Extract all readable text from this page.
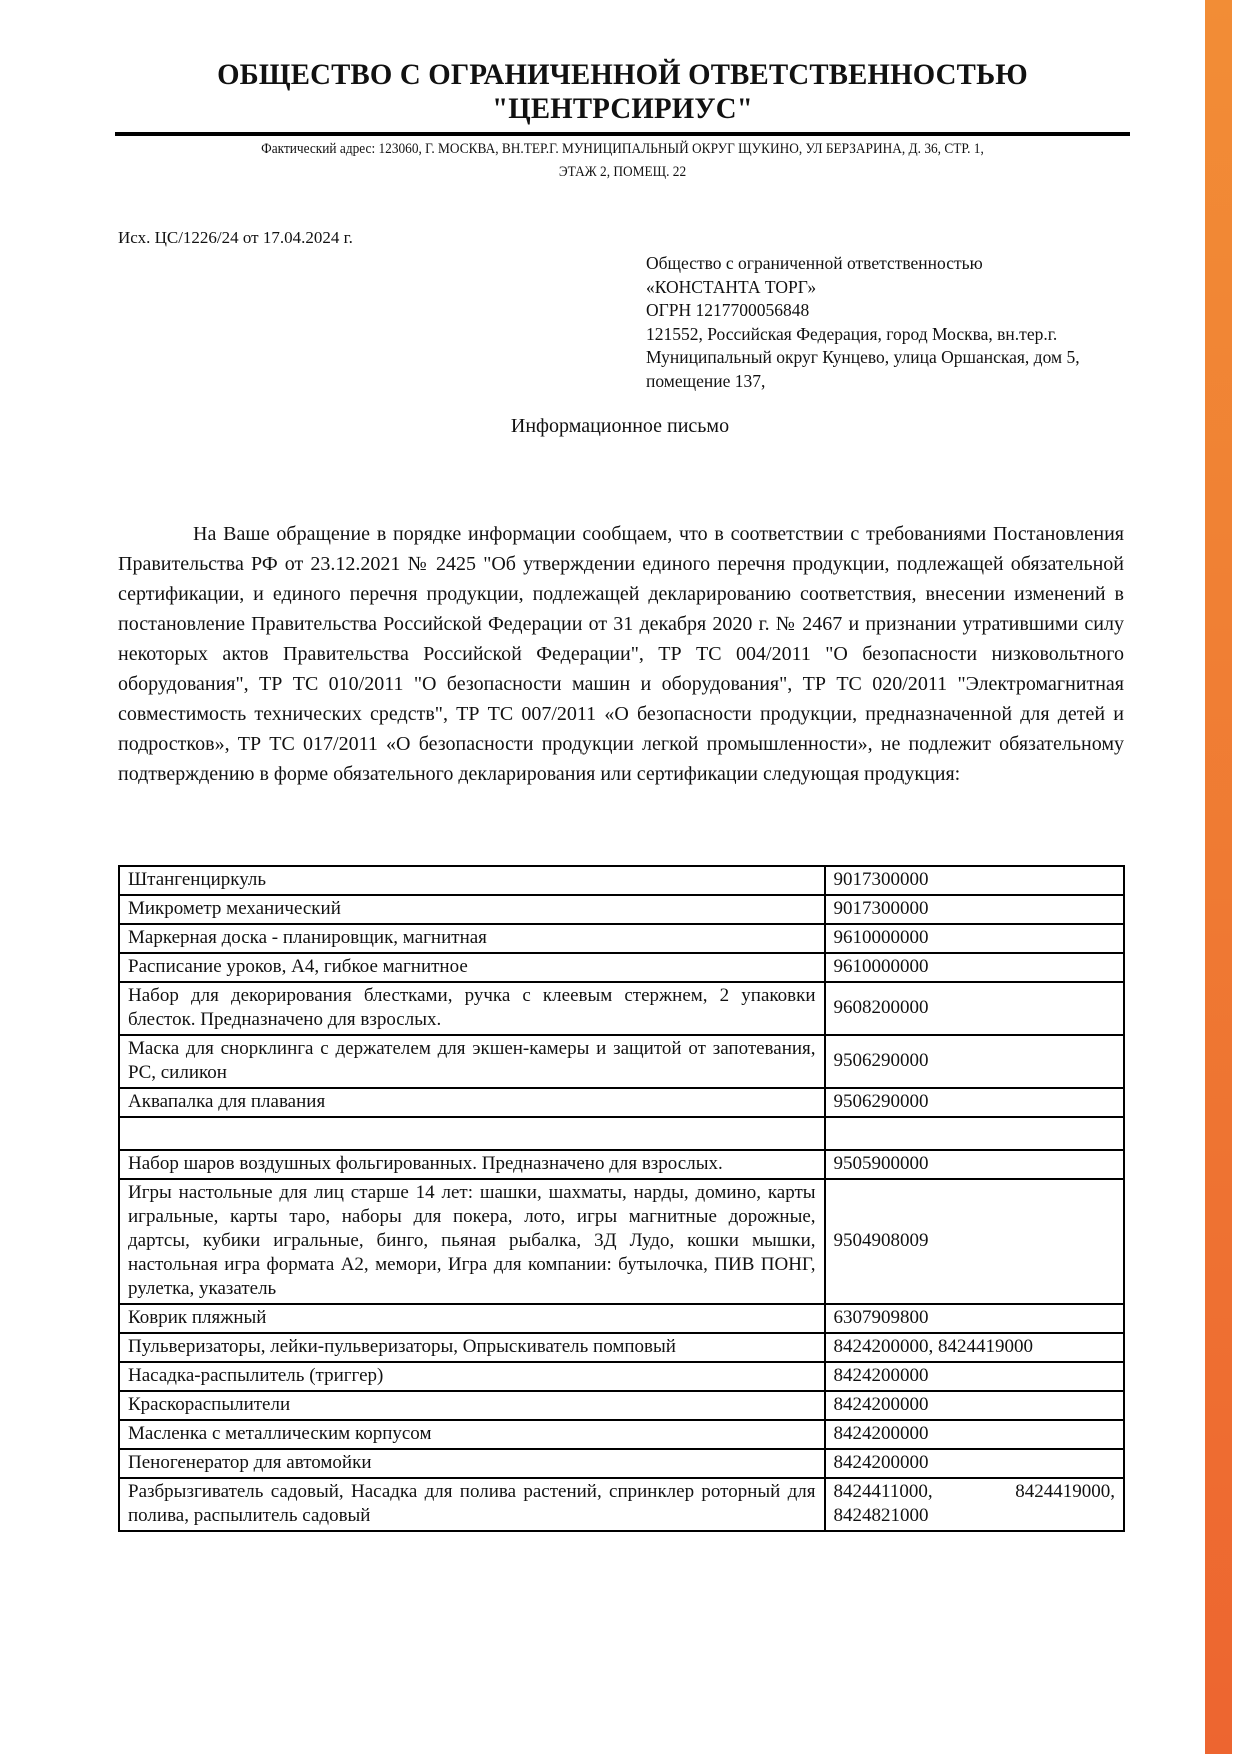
ОБЩЕСТВО С ОГРАНИЧЕННОЙ ОТВЕТСТВЕННОСТЬЮ
"ЦЕНТРСИРИУС"
Фактический адрес: 123060, Г. МОСКВА, ВН.ТЕР.Г. МУНИЦИПАЛЬНЫЙ ОКРУГ ЩУКИНО, УЛ БЕРЗАРИНА, Д. 36, СТР. 1,
ЭТАЖ 2, ПОМЕЩ. 22
Исх. ЦС/1226/24 от 17.04.2024 г.
Общество с ограниченной ответственностью
«КОНСТАНТА ТОРГ»
ОГРН 1217700056848
121552, Российская Федерация, город Москва, вн.тер.г.
Муниципальный округ Кунцево, улица Оршанская, дом 5,
помещение 137,
Информационное письмо

На Ваше обращение в порядке информации сообщаем, что в соответствии с требованиями Постановления Правительства РФ от 23.12.2021 № 2425 "Об утверждении единого перечня продукции, подлежащей обязательной сертификации, и единого перечня продукции, подлежащей декларированию соответствия, внесении изменений в постановление Правительства Российской Федерации от 31 декабря 2020 г. № 2467 и признании утратившими силу некоторых актов Правительства Российской Федерации", ТР ТС 004/2011 "О безопасности низковольтного оборудования", ТР ТС 010/2011 "О безопасности машин и оборудования", ТР ТС 020/2011 "Электромагнитная совместимость технических средств", ТР ТС 007/2011 «О безопасности продукции, предназначенной для детей и подростков», ТР ТС 017/2011 «О безопасности продукции легкой промышленности», не подлежит обязательному подтверждению в форме обязательного декларирования или сертификации следующая продукция:

Штангенциркуль	9017300000
Микрометр механический	9017300000
Маркерная доска - планировщик, магнитная	9610000000
Расписание уроков, А4, гибкое магнитное	9610000000
Набор для декорирования блестками, ручка с клеевым стержнем, 2 упаковки блесток. Предназначено для взрослых.	9608200000
Маска для снорклинга с держателем для экшен-камеры и защитой от запотевания, PC, силикон	9506290000
Аквапалка для плавания	9506290000

Набор шаров воздушных фольгированных. Предназначено для взрослых.	9505900000
Игры настольные для лиц старше 14 лет: шашки, шахматы, нарды, домино, карты игральные, карты таро, наборы для покера, лото, игры магнитные дорожные, дартсы, кубики игральные, бинго, пьяная рыбалка, 3Д Лудо, кошки мышки, настольная игра формата А2, мемори, Игра для компании: бутылочка, ПИВ ПОНГ, рулетка, указатель	9504908009
Коврик пляжный	6307909800
Пульверизаторы, лейки-пульверизаторы, Опрыскиватель помповый	8424200000, 8424419000
Насадка-распылитель (триггер)	8424200000
Краскораспылители	8424200000
Масленка с металлическим корпусом	8424200000
Пеногенератор для автомойки	8424200000
Разбрызгиватель садовый, Насадка для полива растений, спринклер роторный для полива, распылитель садовый	8424411000, 8424419000, 8424821000
